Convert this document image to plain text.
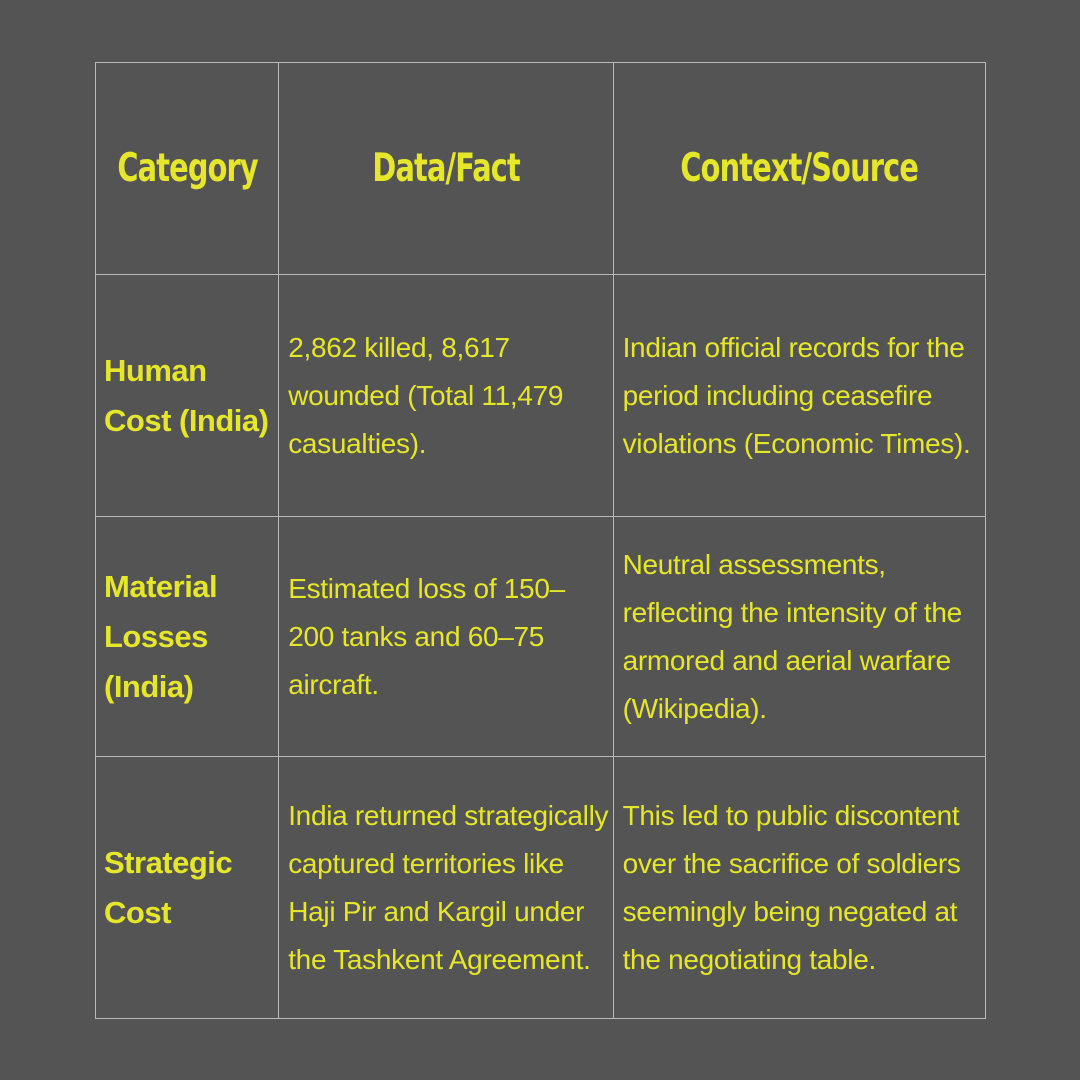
Category	Data/Fact	Context/Source
Human Cost (India)	2,862 killed, 8,617 wounded (Total 11,479 casualties).	Indian official records for the period including ceasefire violations (Economic Times).
Material Losses (India)	Estimated loss of 150–200 tanks and 60–75 aircraft.	Neutral assessments, reflecting the intensity of the armored and aerial warfare (Wikipedia).
Strategic Cost	India returned strategically captured territories like Haji Pir and Kargil under the Tashkent Agreement.	This led to public discontent over the sacrifice of soldiers seemingly being negated at the negotiating table.
